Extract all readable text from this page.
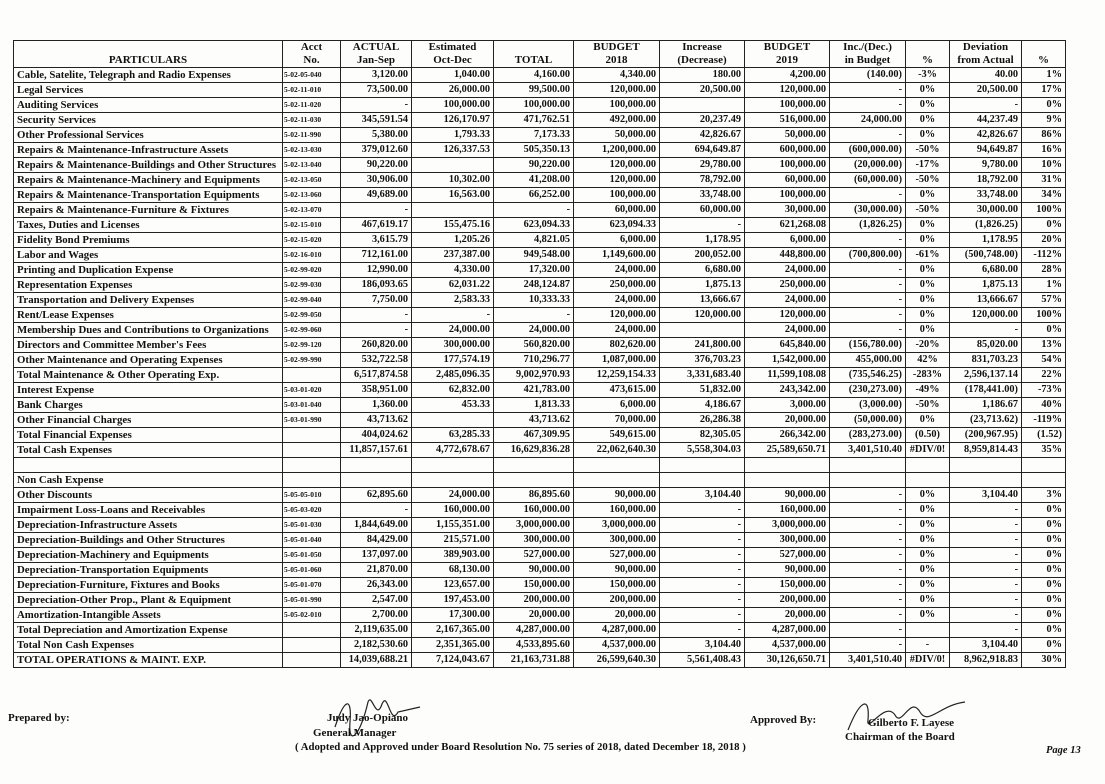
	Acct	ACTUAL	Estimated		BUDGET	Increase	BUDGET	Inc./(Dec.)		Deviation	
PARTICULARS	No.	Jan-Sep	Oct-Dec	TOTAL	2018	(Decrease)	2019	in Budget	%	from Actual	%
Cable, Satelite, Telegraph and Radio Expenses	5-02-05-040	3,120.00	1,040.00	4,160.00	4,340.00	180.00	4,200.00	(140.00)	-3%	40.00	1%
Legal Services	5-02-11-010	73,500.00	26,000.00	99,500.00	120,000.00	20,500.00	120,000.00	-	0%	20,500.00	17%
Auditing Services	5-02-11-020	-	100,000.00	100,000.00	100,000.00		100,000.00	-	0%	-	0%
Security Services	5-02-11-030	345,591.54	126,170.97	471,762.51	492,000.00	20,237.49	516,000.00	24,000.00	0%	44,237.49	9%
Other Professional Services	5-02-11-990	5,380.00	1,793.33	7,173.33	50,000.00	42,826.67	50,000.00	-	0%	42,826.67	86%
Repairs & Maintenance-Infrastructure Assets	5-02-13-030	379,012.60	126,337.53	505,350.13	1,200,000.00	694,649.87	600,000.00	(600,000.00)	-50%	94,649.87	16%
Repairs & Maintenance-Buildings and Other Structures	5-02-13-040	90,220.00		90,220.00	120,000.00	29,780.00	100,000.00	(20,000.00)	-17%	9,780.00	10%
Repairs & Maintenance-Machinery and Equipments	5-02-13-050	30,906.00	10,302.00	41,208.00	120,000.00	78,792.00	60,000.00	(60,000.00)	-50%	18,792.00	31%
Repairs & Maintenance-Transportation Equipments	5-02-13-060	49,689.00	16,563.00	66,252.00	100,000.00	33,748.00	100,000.00	-	0%	33,748.00	34%
Repairs & Maintenance-Furniture & Fixtures	5-02-13-070	-		-	60,000.00	60,000.00	30,000.00	(30,000.00)	-50%	30,000.00	100%
Taxes, Duties and Licenses	5-02-15-010	467,619.17	155,475.16	623,094.33	623,094.33	-	621,268.08	(1,826.25)	0%	(1,826.25)	0%
Fidelity Bond Premiums	5-02-15-020	3,615.79	1,205.26	4,821.05	6,000.00	1,178.95	6,000.00	-	0%	1,178.95	20%
Labor and Wages	5-02-16-010	712,161.00	237,387.00	949,548.00	1,149,600.00	200,052.00	448,800.00	(700,800.00)	-61%	(500,748.00)	-112%
Printing and Duplication Expense	5-02-99-020	12,990.00	4,330.00	17,320.00	24,000.00	6,680.00	24,000.00	-	0%	6,680.00	28%
Representation Expenses	5-02-99-030	186,093.65	62,031.22	248,124.87	250,000.00	1,875.13	250,000.00	-	0%	1,875.13	1%
Transportation and Delivery Expenses	5-02-99-040	7,750.00	2,583.33	10,333.33	24,000.00	13,666.67	24,000.00	-	0%	13,666.67	57%
Rent/Lease Expenses	5-02-99-050	-	-	-	120,000.00	120,000.00	120,000.00	-	0%	120,000.00	100%
Membership Dues and Contributions to Organizations	5-02-99-060	-	24,000.00	24,000.00	24,000.00		24,000.00	-	0%	-	0%
Directors and Committee Member's Fees	5-02-99-120	260,820.00	300,000.00	560,820.00	802,620.00	241,800.00	645,840.00	(156,780.00)	-20%	85,020.00	13%
Other Maintenance and Operating Expenses	5-02-99-990	532,722.58	177,574.19	710,296.77	1,087,000.00	376,703.23	1,542,000.00	455,000.00	42%	831,703.23	54%
Total Maintenance & Other Operating Exp.		6,517,874.58	2,485,096.35	9,002,970.93	12,259,154.33	3,331,683.40	11,599,108.08	(735,546.25)	-283%	2,596,137.14	22%
Interest Expense	5-03-01-020	358,951.00	62,832.00	421,783.00	473,615.00	51,832.00	243,342.00	(230,273.00)	-49%	(178,441.00)	-73%
Bank Charges	5-03-01-040	1,360.00	453.33	1,813.33	6,000.00	4,186.67	3,000.00	(3,000.00)	-50%	1,186.67	40%
Other Financial Charges	5-03-01-990	43,713.62		43,713.62	70,000.00	26,286.38	20,000.00	(50,000.00)	0%	(23,713.62)	-119%
Total Financial Expenses		404,024.62	63,285.33	467,309.95	549,615.00	82,305.05	266,342.00	(283,273.00)	(0.50)	(200,967.95)	(1.52)
Total Cash Expenses		11,857,157.61	4,772,678.67	16,629,836.28	22,062,640.30	5,558,304.03	25,589,650.71	3,401,510.40	#DIV/0!	8,959,814.43	35%

Non Cash Expense											
Other Discounts	5-05-05-010	62,895.60	24,000.00	86,895.60	90,000.00	3,104.40	90,000.00	-	0%	3,104.40	3%
Impairment Loss-Loans and Receivables	5-05-03-020	-	160,000.00	160,000.00	160,000.00	-	160,000.00	-	0%	-	0%
Depreciation-Infrastructure Assets	5-05-01-030	1,844,649.00	1,155,351.00	3,000,000.00	3,000,000.00	-	3,000,000.00	-	0%	-	0%
Depreciation-Buildings and Other Structures	5-05-01-040	84,429.00	215,571.00	300,000.00	300,000.00	-	300,000.00	-	0%	-	0%
Depreciation-Machinery and Equipments	5-05-01-050	137,097.00	389,903.00	527,000.00	527,000.00	-	527,000.00	-	0%	-	0%
Depreciation-Transportation Equipments	5-05-01-060	21,870.00	68,130.00	90,000.00	90,000.00	-	90,000.00	-	0%	-	0%
Depreciation-Furniture, Fixtures and Books	5-05-01-070	26,343.00	123,657.00	150,000.00	150,000.00	-	150,000.00	-	0%	-	0%
Depreciation-Other Prop., Plant & Equipment	5-05-01-990	2,547.00	197,453.00	200,000.00	200,000.00	-	200,000.00	-	0%	-	0%
Amortization-Intangible Assets	5-05-02-010	2,700.00	17,300.00	20,000.00	20,000.00	-	20,000.00	-	0%	-	0%
Total Depreciation and Amortization Expense		2,119,635.00	2,167,365.00	4,287,000.00	4,287,000.00	-	4,287,000.00	-		-	0%
Total Non Cash Expenses		2,182,530.60	2,351,365.00	4,533,895.60	4,537,000.00	3,104.40	4,537,000.00	-	-	3,104.40	0%
TOTAL OPERATIONS & MAINT. EXP.		14,039,688.21	7,124,043.67	21,163,731.88	26,599,640.30	5,561,408.43	30,126,650.71	3,401,510.40	#DIV/0!	8,962,918.83	30%
Prepared by:	Judy Jao-Opiano
General Manager
( Adopted and Approved under Board Resolution No. 75 series of 2018, dated December 18, 2018 )
Approved By:	Gilberto F. Layese
Chairman of the Board
Page 13
